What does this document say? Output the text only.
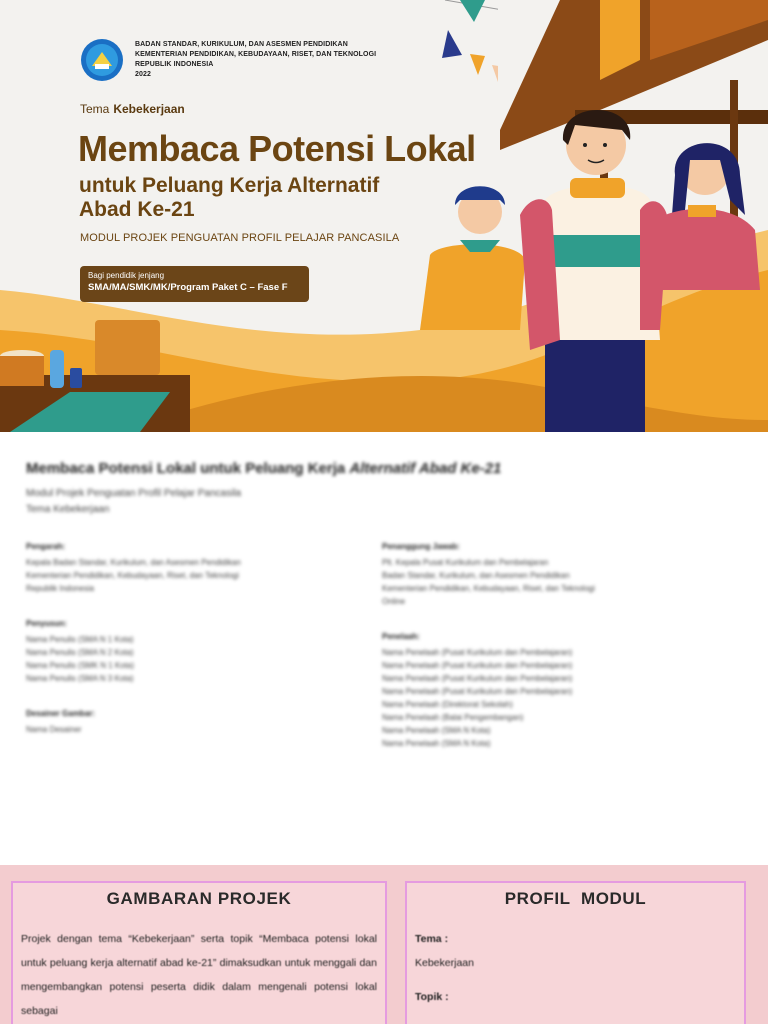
BADAN STANDAR, KURIKULUM, DAN ASESMEN PENDIDIKAN
KEMENTERIAN PENDIDIKAN, KEBUDAYAAN, RISET, DAN TEKNOLOGI
REPUBLIK INDONESIA
2022
Tema Kebekerjaan
Membaca Potensi Lokal
untuk Peluang Kerja Alternatif
Abad Ke-21
MODUL PROJEK PENGUATAN PROFIL PELAJAR PANCASILA
Bagi pendidik jenjang
SMA/MA/SMK/MK/Program Paket C – Fase F
Membaca Potensi Lokal untuk Peluang Kerja Alternatif Abad Ke-21
Modul Projek Penguatan Profil Pelajar Pancasila
Tema Kebekerjaan
Pengarah:
Kepala Badan Standar, Kurikulum, dan Asesmen Pendidikan
Kementerian Pendidikan, Kebudayaan, Riset, dan Teknologi
Republik Indonesia
Penyusun:
Nama Penulis (SMA N 1 Kota)
Nama Penulis (SMA N 2 Kota)
Nama Penulis (SMK N 1 Kota)
Nama Penulis (SMA N 3 Kota)
Desainer Gambar:
Nama Desainer
Penanggung Jawab:
Plt. Kepala Pusat Kurikulum dan Pembelajaran
Badan Standar, Kurikulum, dan Asesmen Pendidikan
Kementerian Pendidikan, Kebudayaan, Riset, dan Teknologi
Online
Penelaah:
Nama Penelaah (Pusat Kurikulum dan Pembelajaran)
Nama Penelaah (Pusat Kurikulum dan Pembelajaran)
Nama Penelaah (Pusat Kurikulum dan Pembelajaran)
Nama Penelaah (Pusat Kurikulum dan Pembelajaran)
Nama Penelaah (Direktorat Sekolah)
Nama Penelaah (Balai Pengembangan)
Nama Penelaah (SMA N Kota)
Nama Penelaah (SMA N Kota)
GAMBARAN PROJEK
Projek dengan tema “Kebekerjaan” serta topik “Membaca potensi lokal untuk peluang kerja alternatif abad ke-21” dimaksudkan untuk menggali dan mengembangkan potensi peserta didik dalam mengenali potensi lokal sebagai
PROFIL  MODUL
Tema :
Kebekerjaan
Topik :
